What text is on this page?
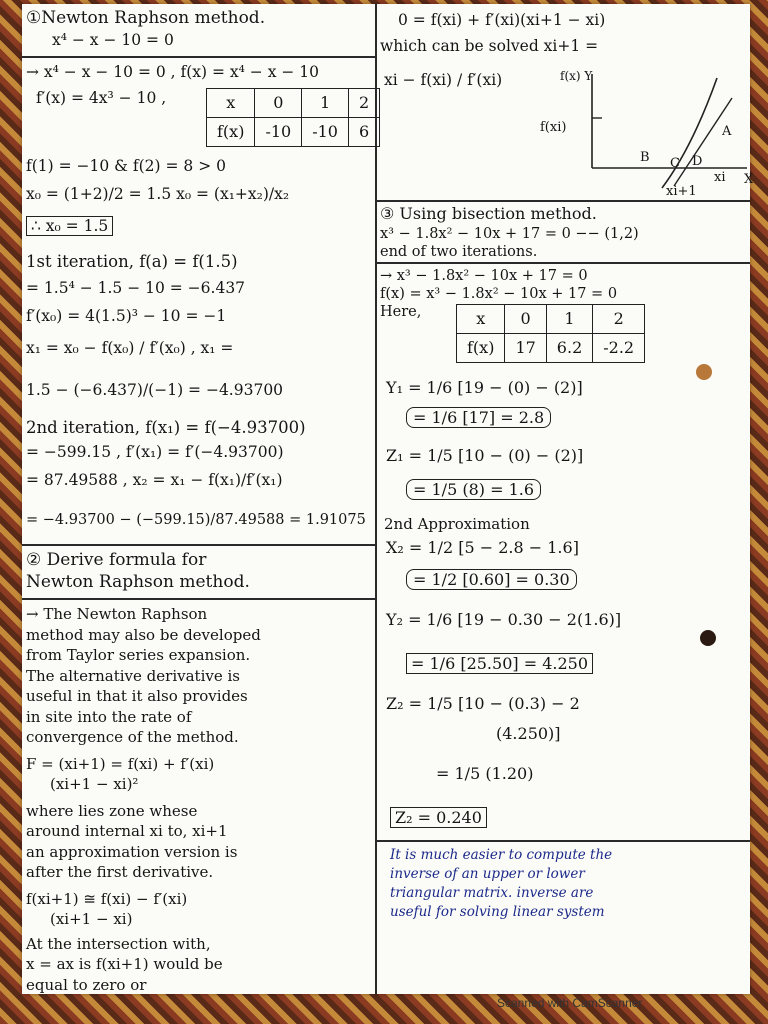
①Newton Raphson method.
x⁴ − x − 10 = 0
→ x⁴ − x − 10 = 0 , f(x) = x⁴ − x − 10
f′(x) = 4x³ − 10 ,	x	0	1	2
f(x)	-10	-10	6
f(1) = −10 & f(2) = 8 > 0
x₀ = (1+2)/2 = 1.5 x₀ = (x₁+x₂)/x₂
∴ x₀ = 1.5
1st iteration, f(a) = f(1.5)
= 1.5⁴ − 1.5 − 10 = −6.437
f′(x₀) = 4(1.5)³ − 10 = −1
x₁ = x₀ − f(x₀) / f′(x₀) , x₁ =
1.5 − (−6.437)/(−1) = −4.93700
2nd iteration, f(x₁) = f(−4.93700)
= −599.15 , f′(x₁) = f′(−4.93700)
= 87.49588 , x₂ = x₁ − f(x₁)/f′(x₁)
= −4.93700 − (−599.15)/87.49588 = 1.91075
② Derive formula for
Newton Raphson method.
→ The Newton Raphson
method may also be developed
from Taylor series expansion.
The alternative derivative is
useful in that it also provides
in site into the rate of
convergence of the method.
F = (xi+1) = f(xi) + f′(xi)
(xi+1 − xi)²
where lies zone whese
around internal xi to, xi+1
an approximation version is
after the first derivative.
f(xi+1) ≅ f(xi) − f′(xi)
(xi+1 − xi)
At the intersection with,
x = ax is f(xi+1) would be
equal to zero or
0 = f(xi) + f′(xi)(xi+1 − xi)
which can be solved xi+1 =
xi − f(xi) / f′(xi)	f(x) Y
f(xi)	A
B C D
xi X
xi+1
③ Using bisection method.
x³ − 1.8x² − 10x + 17 = 0 −− (1,2)
end of two iterations.
→ x³ − 1.8x² − 10x + 17 = 0
f(x) = x³ − 1.8x² − 10x + 17 = 0
Here,	x	0	1	2
f(x)	17	6.2	-2.2
Y₁ = 1/6 [19 − (0) − (2)]
= 1/6 [17] = 2.8
Z₁ = 1/5 [10 − (0) − (2)]
= 1/5 (8) = 1.6
2nd Approximation
X₂ = 1/2 [5 − 2.8 − 1.6]
= 1/2 [0.60] = 0.30
Y₂ = 1/6 [19 − 0.30 − 2(1.6)]
= 1/6 [25.50] = 4.250
Z₂ = 1/5 [10 − (0.3) − 2
(4.250)]
= 1/5 (1.20)
Z₂ = 0.240
It is much easier to compute the
inverse of an upper or lower
triangular matrix. inverse are
useful for solving linear system
Scanned with CamScanner
